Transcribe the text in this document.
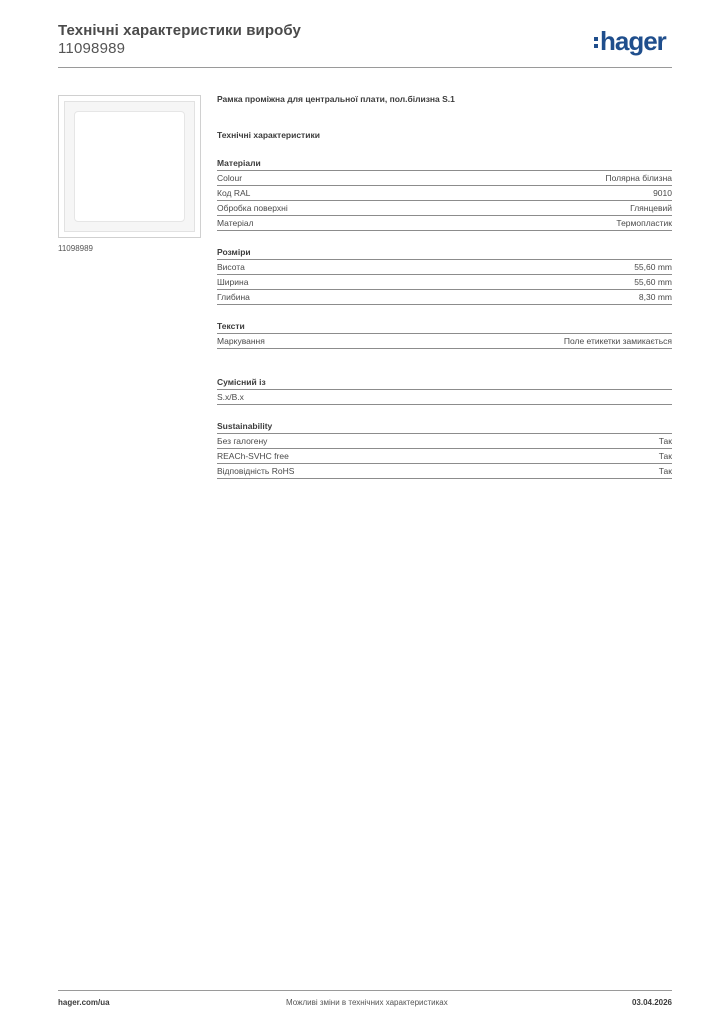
Технічні характеристики виробу
11098989	hager
11098989
Рамка проміжна для центральної плати, пол.білизна S.1
Технічні характеристики
Матеріали
Colour	Полярна білизна
Код RAL	9010
Обробка поверхні	Глянцевий
Матеріал	Термопластик
Розміри
Висота	55,60 mm
Ширина	55,60 mm
Глибина	8,30 mm
Тексти
Маркування	Поле етикетки замикається
Сумісний із
S.x/B.x
Sustainability
Без галогену	Так
REACh-SVHC free	Так
Відповідність RoHS	Так
hager.com/ua	Можливі зміни в технічних характеристиках	03.04.2026
